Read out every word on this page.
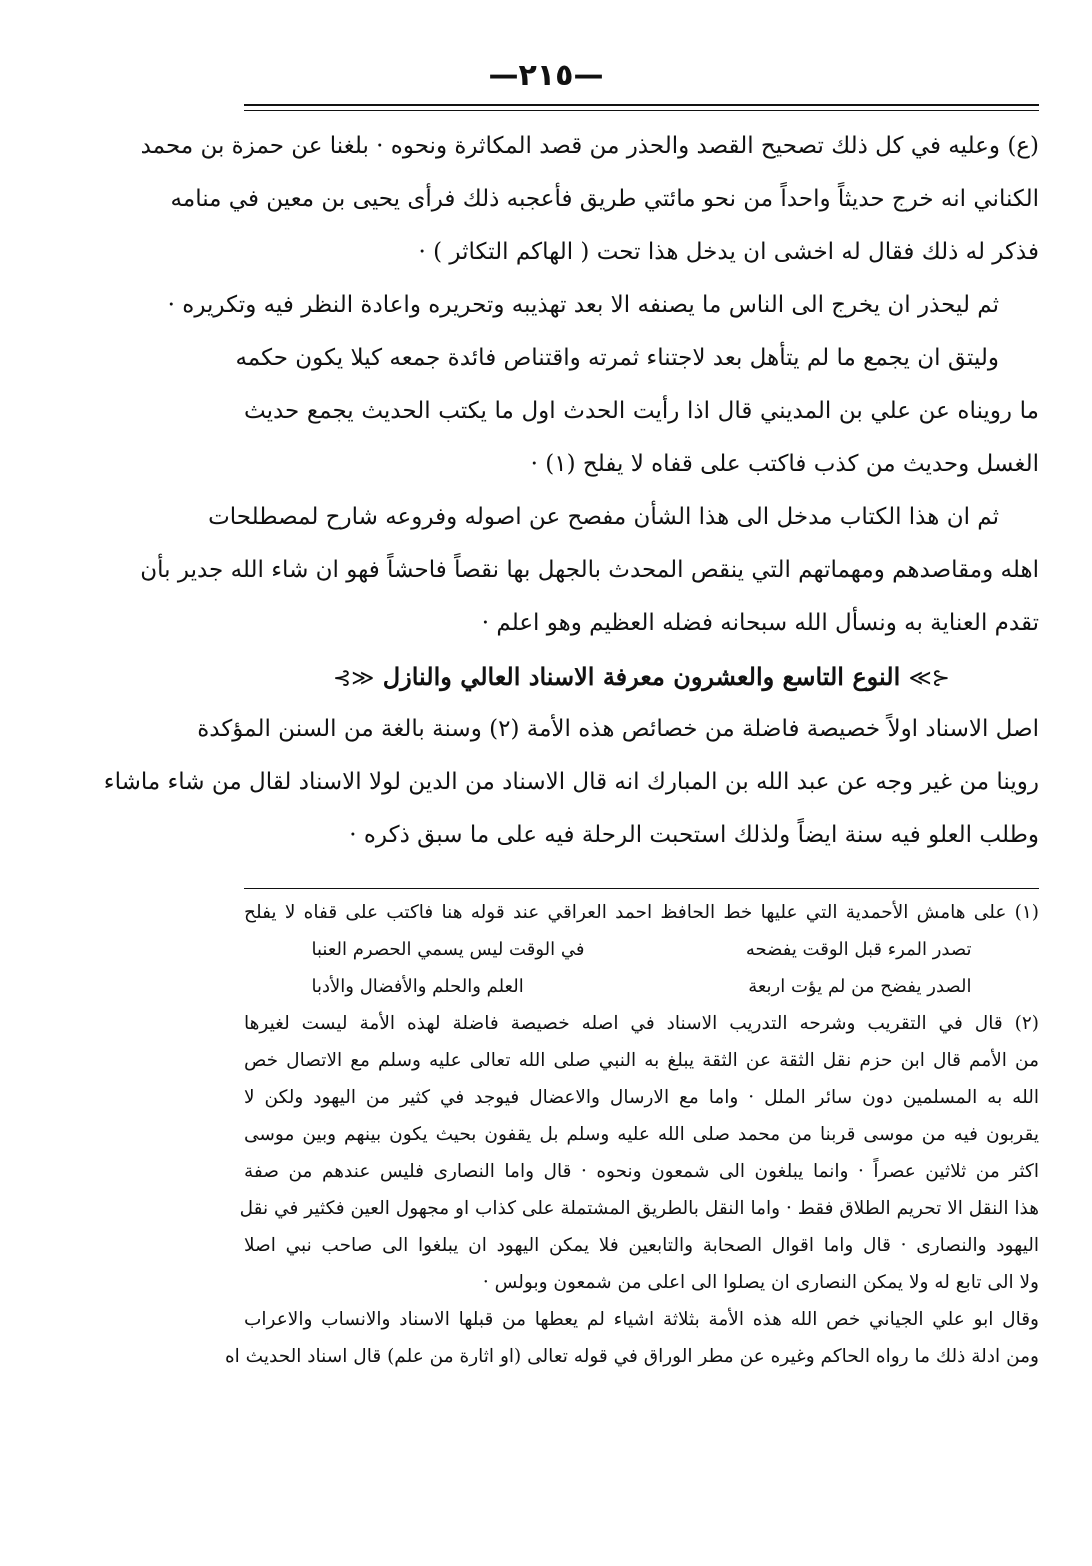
—٢١٥—
(ع) وعليه في كل ذلك تصحيح القصد والحذر من قصد المكاثرة ونحوه · بلغنا عن حمزة بن محمد
الكناني انه خرج حديثاً واحداً من نحو مائتي طريق فأعجبه ذلك فرأى يحيى بن معين في منامه
فذكر له ذلك فقال له اخشى ان يدخل هذا تحت ( الهاكم التكاثر ) ·
ثم ليحذر ان يخرج الى الناس ما يصنفه الا بعد تهذيبه وتحريره واعادة النظر فيه وتكريره ·
وليتق ان يجمع ما لم يتأهل بعد لاجتناء ثمرته واقتناص فائدة جمعه كيلا يكون حكمه
ما رويناه عن علي بن المديني قال اذا رأيت الحدث اول ما يكتب الحديث يجمع حديث
الغسل وحديث من كذب فاكتب على قفاه لا يفلح (١) ·
ثم ان هذا الكتاب مدخل الى هذا الشأن مفصح عن اصوله وفروعه شارح لمصطلحات
اهله ومقاصدهم ومهماتهم التي ينقص المحدث بالجهل بها نقصاً فاحشاً فهو ان شاء الله جدير بأن
تقدم العناية به ونسأل الله سبحانه فضله العظيم وهو اعلم ·
⊰≫ النوع التاسع والعشرون معرفة الاسناد العالي والنازل ≪⊱
اصل الاسناد اولاً خصيصة فاضلة من خصائص هذه الأمة (٢) وسنة بالغة من السنن المؤكدة
روينا من غير وجه عن عبد الله بن المبارك انه قال الاسناد من الدين لولا الاسناد لقال من شاء ماشاء
وطلب العلو فيه سنة ايضاً ولذلك استحبت الرحلة فيه على ما سبق ذكره ·
(١) على هامش الأحمدية التي عليها خط الحافظ احمد العراقي عند قوله هنا فاكتب على قفاه لا يفلح
تصدر المرء قبل الوقت يفضحه
في الوقت ليس يسمي الحصرم العنبا
الصدر يفضح من لم يؤت اربعة
العلم والحلم والأفضال والأدبا
(٢) قال في التقريب وشرحه التدريب الاسناد في اصله خصيصة فاضلة لهذه الأمة ليست لغيرها
من الأمم قال ابن حزم نقل الثقة عن الثقة يبلغ به النبي صلى الله تعالى عليه وسلم مع الاتصال خص
الله به المسلمين دون سائر الملل · واما مع الارسال والاعضال فيوجد في كثير من اليهود ولكن لا
يقربون فيه من موسى قربنا من محمد صلى الله عليه وسلم بل يقفون بحيث يكون بينهم وبين موسى
اكثر من ثلاثين عصراً · وانما يبلغون الى شمعون ونحوه · قال واما النصارى فليس عندهم من صفة
هذا النقل الا تحريم الطلاق فقط · واما النقل بالطريق المشتملة على كذاب او مجهول العين فكثير في نقل
اليهود والنصارى · قال واما اقوال الصحابة والتابعين فلا يمكن اليهود ان يبلغوا الى صاحب نبي اصلا
ولا الى تابع له ولا يمكن النصارى ان يصلوا الى اعلى من شمعون وبولس ·
وقال ابو علي الجياني خص الله هذه الأمة بثلاثة اشياء لم يعطها من قبلها الاسناد والانساب والاعراب
ومن ادلة ذلك ما رواه الحاكم وغيره عن مطر الوراق في قوله تعالى (او اثارة من علم) قال اسناد الحديث اه
